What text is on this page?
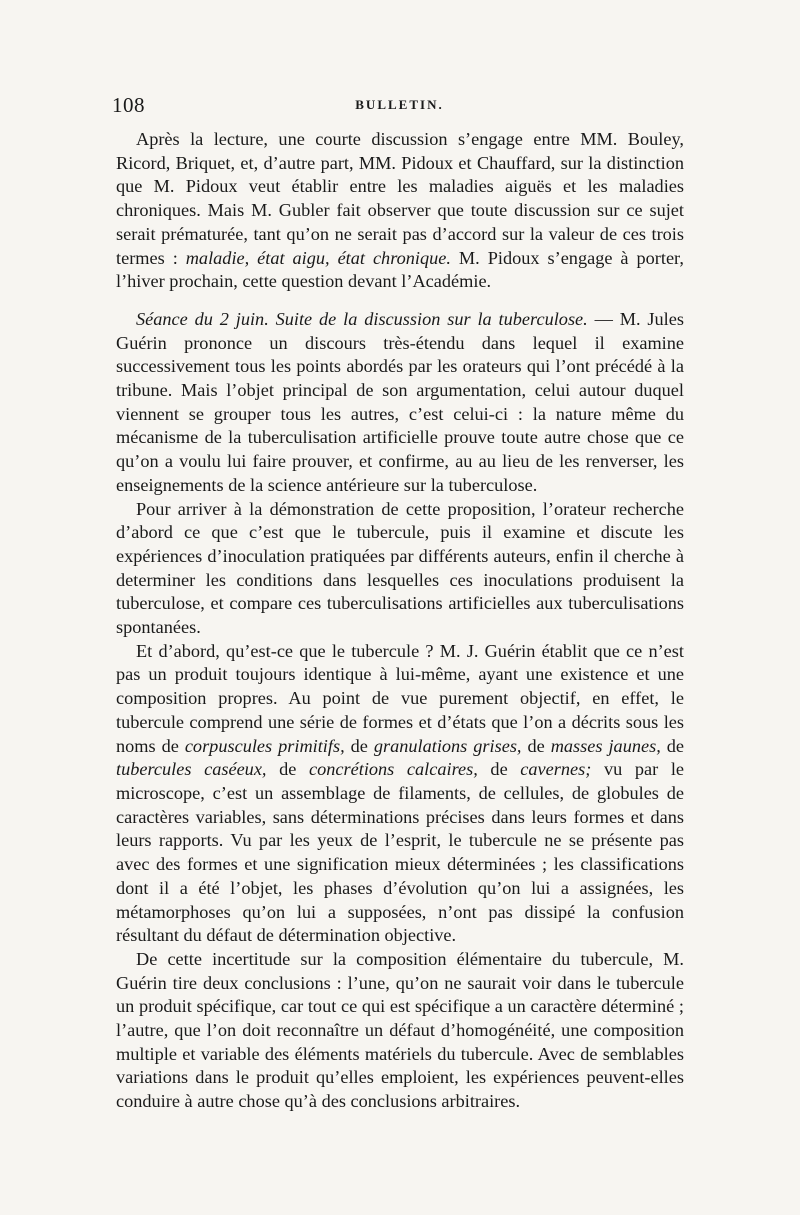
108	BULLETIN.

Après la lecture, une courte discussion s’engage entre MM. Bouley, Ricord, Briquet, et, d’autre part, MM. Pidoux et Chauffard, sur la distinction que M. Pidoux veut établir entre les maladies aiguës et les maladies chroniques. Mais M. Gubler fait observer que toute discussion sur ce sujet serait prématurée, tant qu’on ne serait pas d’accord sur la valeur de ces trois termes : maladie, état aigu, état chronique. M. Pidoux s’engage à porter, l’hiver prochain, cette question devant l’Académie.

Séance du 2 juin. Suite de la discussion sur la tuberculose. — M. Jules Guérin prononce un discours très-étendu dans lequel il examine successivement tous les points abordés par les orateurs qui l’ont précédé à la tribune. Mais l’objet principal de son argumentation, celui autour duquel viennent se grouper tous les autres, c’est celui-ci : la nature même du mécanisme de la tuberculisation artificielle prouve toute autre chose que ce qu’on a voulu lui faire prouver, et confirme, au au lieu de les renverser, les enseignements de la science antérieure sur la tuberculose.

Pour arriver à la démonstration de cette proposition, l’orateur recherche d’abord ce que c’est que le tubercule, puis il examine et discute les expériences d’inoculation pratiquées par différents auteurs, enfin il cherche à determiner les conditions dans lesquelles ces inoculations produisent la tuberculose, et compare ces tuberculisations artificielles aux tuberculisations spontanées.

Et d’abord, qu’est-ce que le tubercule ? M. J. Guérin établit que ce n’est pas un produit toujours identique à lui-même, ayant une existence et une composition propres. Au point de vue purement objectif, en effet, le tubercule comprend une série de formes et d’états que l’on a décrits sous les noms de corpuscules primitifs, de granulations grises, de masses jaunes, de tubercules caséeux, de concrétions calcaires, de cavernes; vu par le microscope, c’est un assemblage de filaments, de cellules, de globules de caractères variables, sans déterminations précises dans leurs formes et dans leurs rapports. Vu par les yeux de l’esprit, le tubercule ne se présente pas avec des formes et une signification mieux déterminées ; les classifications dont il a été l’objet, les phases d’évolution qu’on lui a assignées, les métamorphoses qu’on lui a supposées, n’ont pas dissipé la confusion résultant du défaut de détermination objective.

De cette incertitude sur la composition élémentaire du tubercule, M. Guérin tire deux conclusions : l’une, qu’on ne saurait voir dans le tubercule un produit spécifique, car tout ce qui est spécifique a un caractère déterminé ; l’autre, que l’on doit reconnaître un défaut d’homogénéité, une composition multiple et variable des éléments matériels du tubercule. Avec de semblables variations dans le produit qu’elles emploient, les expériences peuvent-elles conduire à autre chose qu’à des conclusions arbitraires.
